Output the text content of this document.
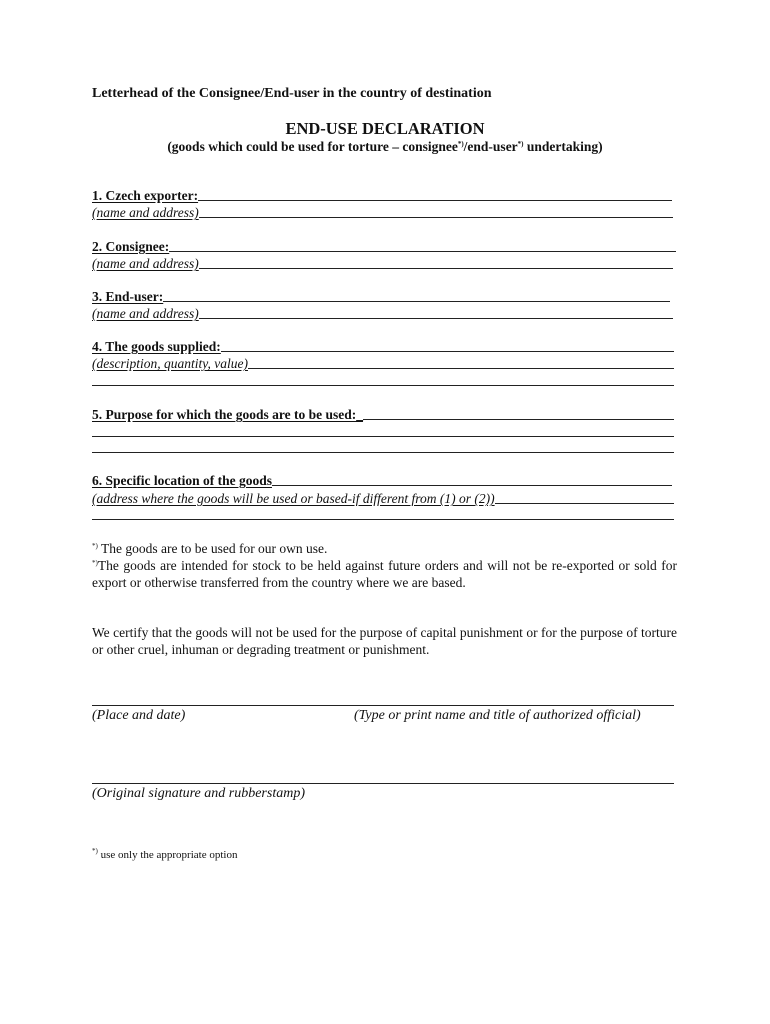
Letterhead of the Consignee/End-user in the country of destination
END-USE DECLARATION
(goods which could be used for torture – consignee*)/end-user*) undertaking)
1. Czech exporter:
(name and address)
2. Consignee:
(name and address)
3. End-user:
(name and address)
4. The goods supplied:
(description, quantity, value)
5. Purpose for which the goods are to be used:_
6. Specific location of the goods
(address where the goods will be used or based-if different from (1) or (2))
*) The goods are to be used for our own use.
*)The goods are intended for stock to be held against future orders and will not be re-exported or sold for export or otherwise transferred from the country where we are based.
We certify that the goods will not be used for the purpose of capital punishment or for the purpose of torture or other cruel, inhuman or degrading treatment or punishment.
(Place and date)	(Type or print name and title of authorized official)
(Original signature and rubberstamp)
*) use only the appropriate option
